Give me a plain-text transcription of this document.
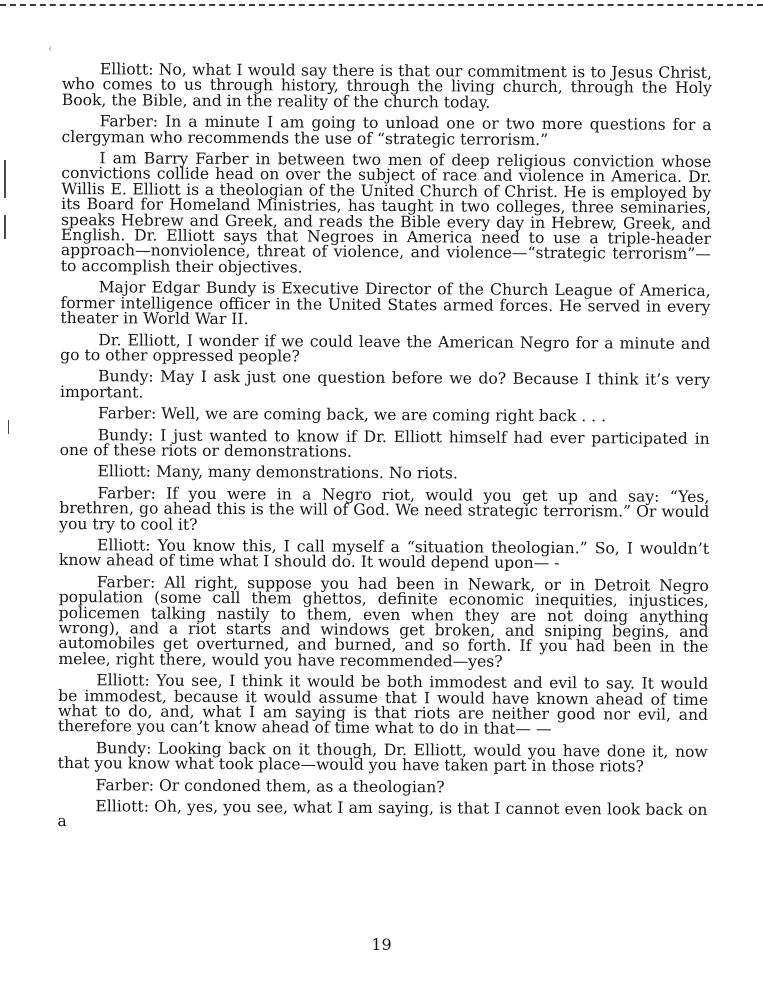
‹

Elliott: No, what I would say there is that our commitment is to Jesus Christ, who comes to us through history, through the living church, through the Holy Book, the Bible, and in the reality of the church today.

Farber: In a minute I am going to unload one or two more questions for a clergyman who recommends the use of “strategic terrorism.”

I am Barry Farber in between two men of deep religious conviction whose convictions collide head on over the subject of race and violence in America. Dr. Willis E. Elliott is a theologian of the United Church of Christ. He is employed by its Board for Homeland Ministries, has taught in two colleges, three seminaries, speaks Hebrew and Greek, and reads the Bible every day in Hebrew, Greek, and English. Dr. Elliott says that Negroes in America need to use a triple-header approach—nonviolence, threat of violence, and violence—“strategic terrorism”—to accomplish their objectives.

Major Edgar Bundy is Executive Director of the Church League of America, former intelligence officer in the United States armed forces. He served in every theater in World War II.

Dr. Elliott, I wonder if we could leave the American Negro for a minute and go to other oppressed people?

Bundy: May I ask just one question before we do? Because I think it’s very important.

Farber: Well, we are coming back, we are coming right back . . .

Bundy: I just wanted to know if Dr. Elliott himself had ever participated in one of these riots or demonstrations.

Elliott: Many, many demonstrations. No riots.

Farber: If you were in a Negro riot, would you get up and say: “Yes, brethren, go ahead this is the will of God. We need strategic terrorism.” Or would you try to cool it?

Elliott: You know this, I call myself a “situation theologian.” So, I wouldn’t know ahead of time what I should do. It would depend upon— -

Farber: All right, suppose you had been in Newark, or in Detroit Negro population (some call them ghettos, definite economic inequities, injustices, policemen talking nastily to them, even when they are not doing anything wrong), and a riot starts and windows get broken, and sniping begins, and automobiles get overturned, and burned, and so forth. If you had been in the melee, right there, would you have recommended—yes?

Elliott: You see, I think it would be both immodest and evil to say. It would be immodest, because it would assume that I would have known ahead of time what to do, and, what I am saying is that riots are neither good nor evil, and therefore you can’t know ahead of time what to do in that— —

Bundy: Looking back on it though, Dr. Elliott, would you have done it, now that you know what took place—would you have taken part in those riots?

Farber: Or condoned them, as a theologian?

Elliott: Oh, yes, you see, what I am saying, is that I cannot even look back on a

19
